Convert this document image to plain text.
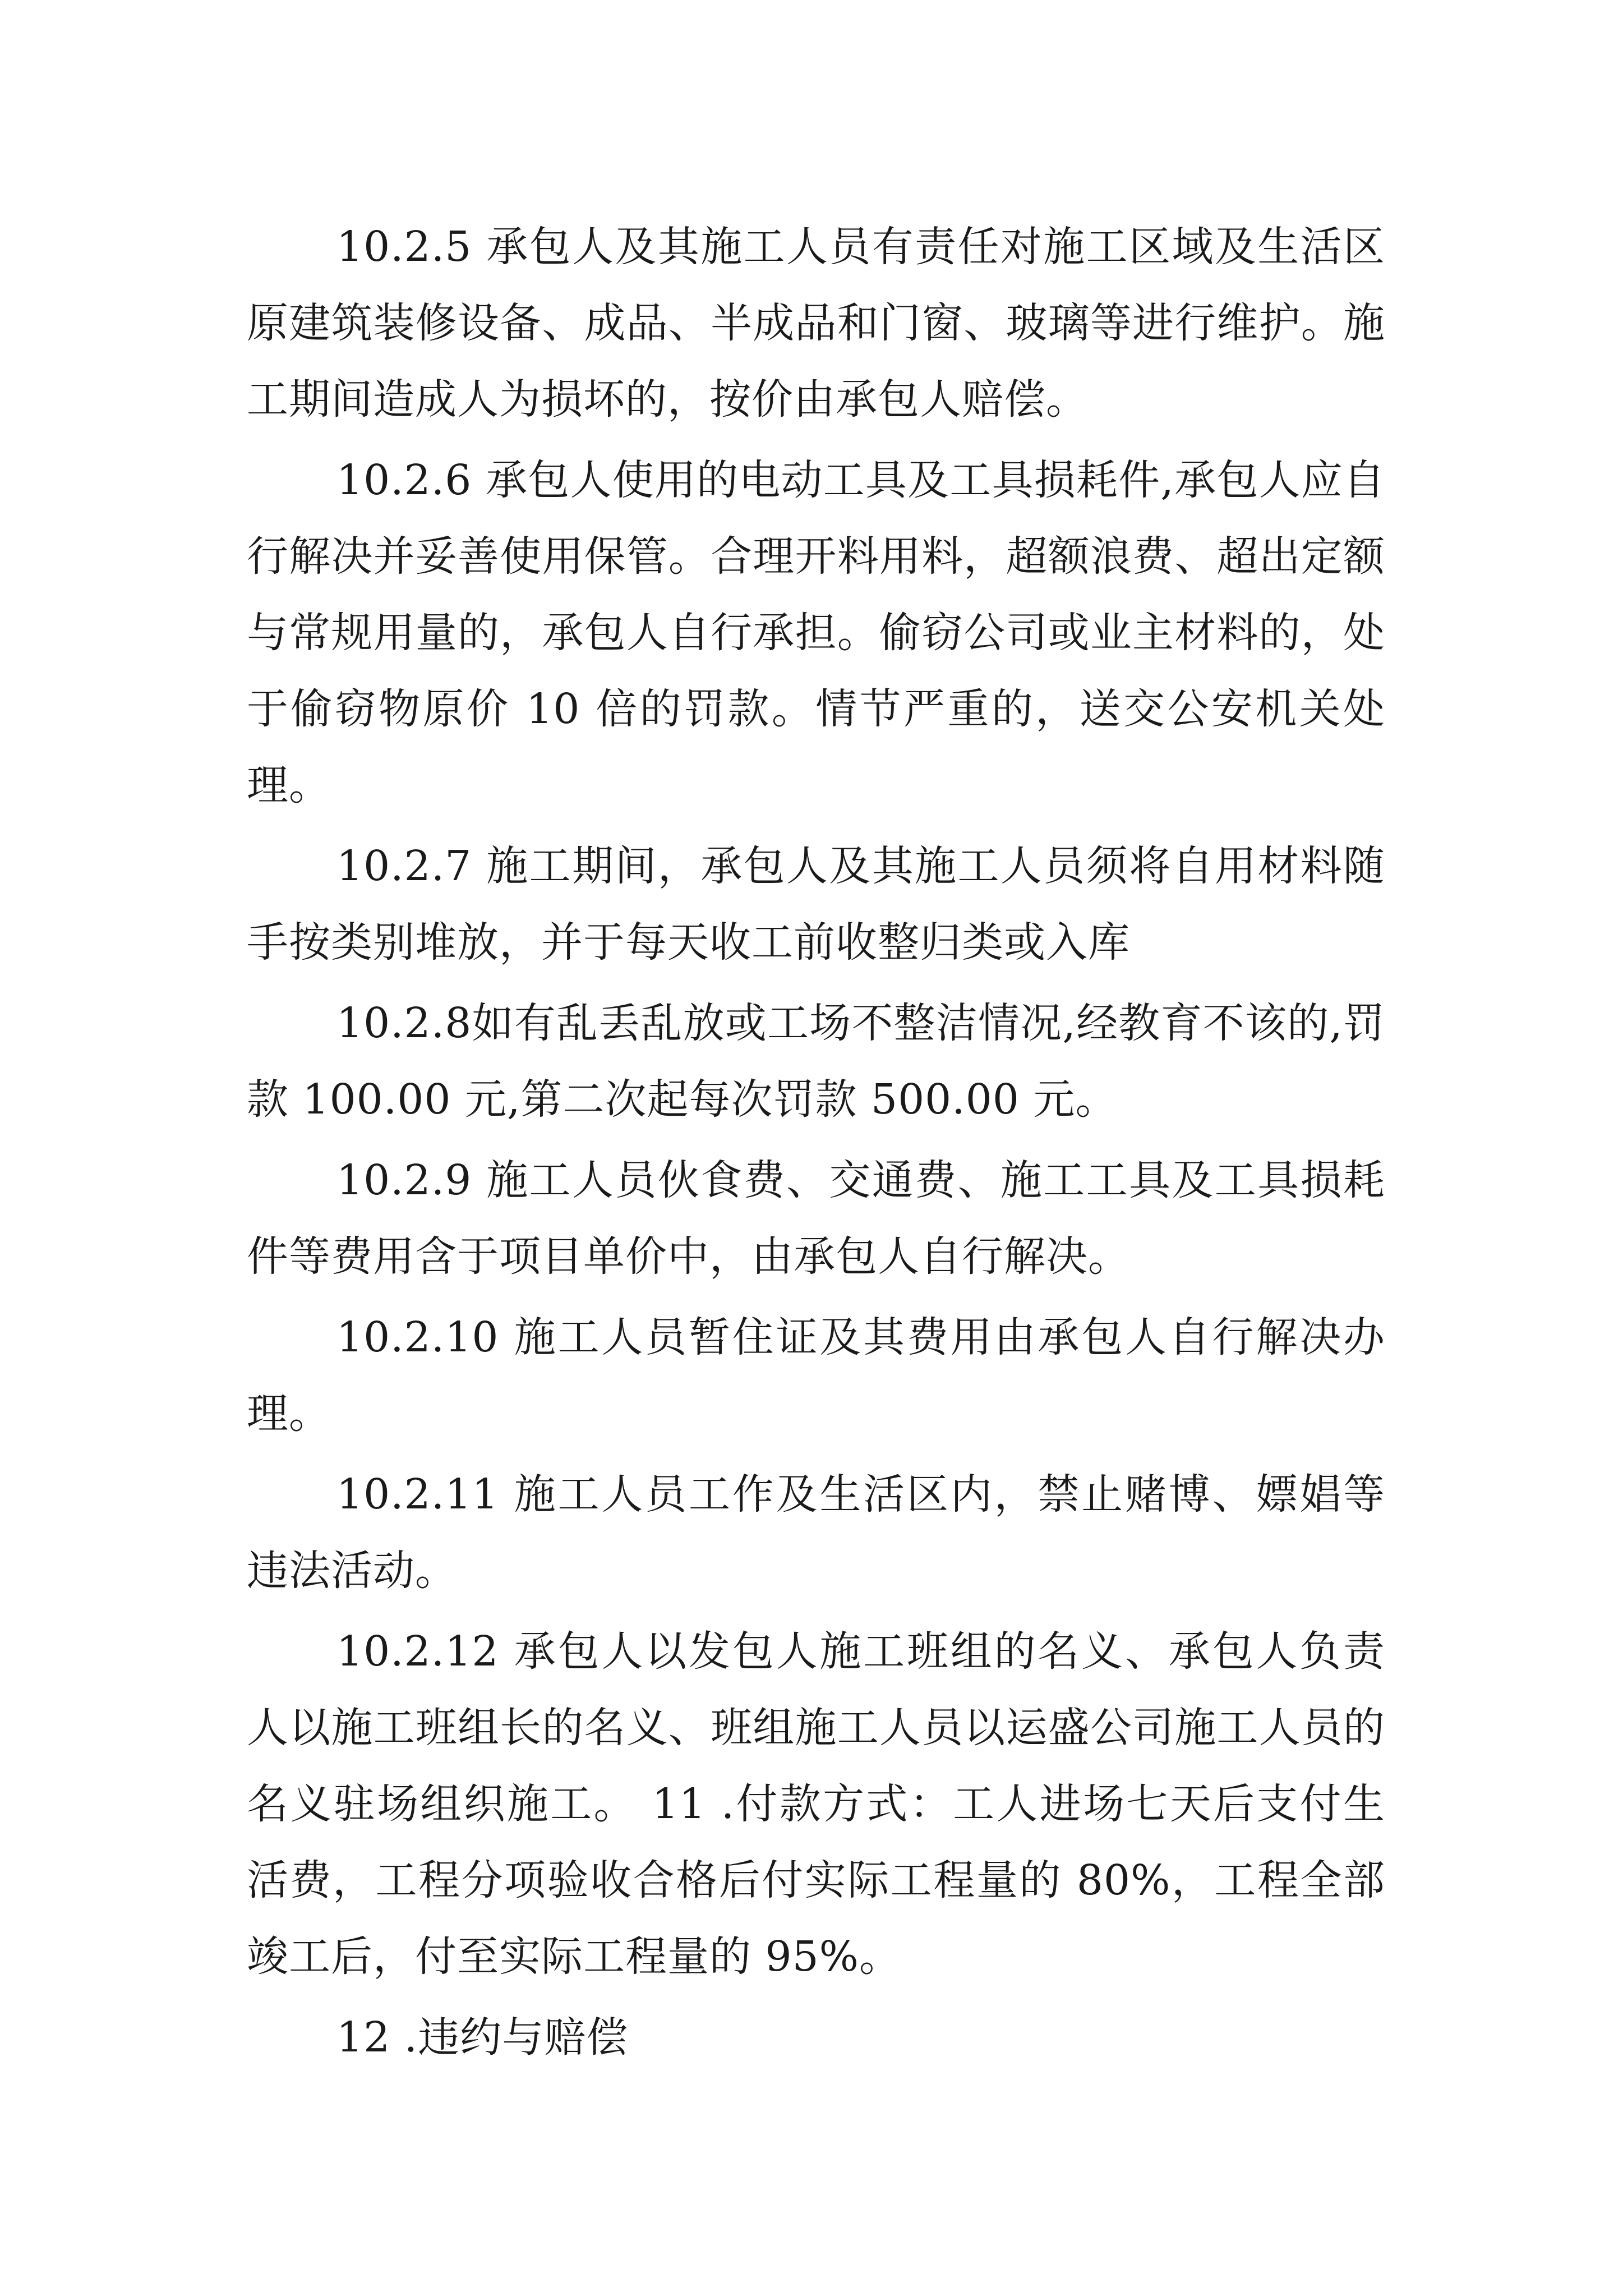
10.2.5 承包人及其施工人员有责任对施工区域及生活区原建筑装修设备、成品、半成品和门窗、玻璃等进行维护。施工期间造成人为损坏的，按价由承包人赔偿。

10.2.6 承包人使用的电动工具及工具损耗件,承包人应自行解决并妥善使用保管。合理开料用料，超额浪费、超出定额与常规用量的，承包人自行承担。偷窃公司或业主材料的，处于偷窃物原价 10 倍的罚款。情节严重的，送交公安机关处理。

10.2.7 施工期间，承包人及其施工人员须将自用材料随手按类别堆放，并于每天收工前收整归类或入库

10.2.8如有乱丢乱放或工场不整洁情况,经教育不该的,罚款 100.00 元,第二次起每次罚款 500.00 元。

10.2.9 施工人员伙食费、交通费、施工工具及工具损耗件等费用含于项目单价中，由承包人自行解决。

10.2.10 施工人员暂住证及其费用由承包人自行解决办理。

10.2.11 施工人员工作及生活区内，禁止赌博、嫖娼等违法活动。

10.2.12 承包人以发包人施工班组的名义、承包人负责人以施工班组长的名义、班组施工人员以运盛公司施工人员的名义驻场组织施工。 11 .付款方式：工人进场七天后支付生活费，工程分项验收合格后付实际工程量的 80%，工程全部竣工后，付至实际工程量的 95%。

12 .违约与赔偿
